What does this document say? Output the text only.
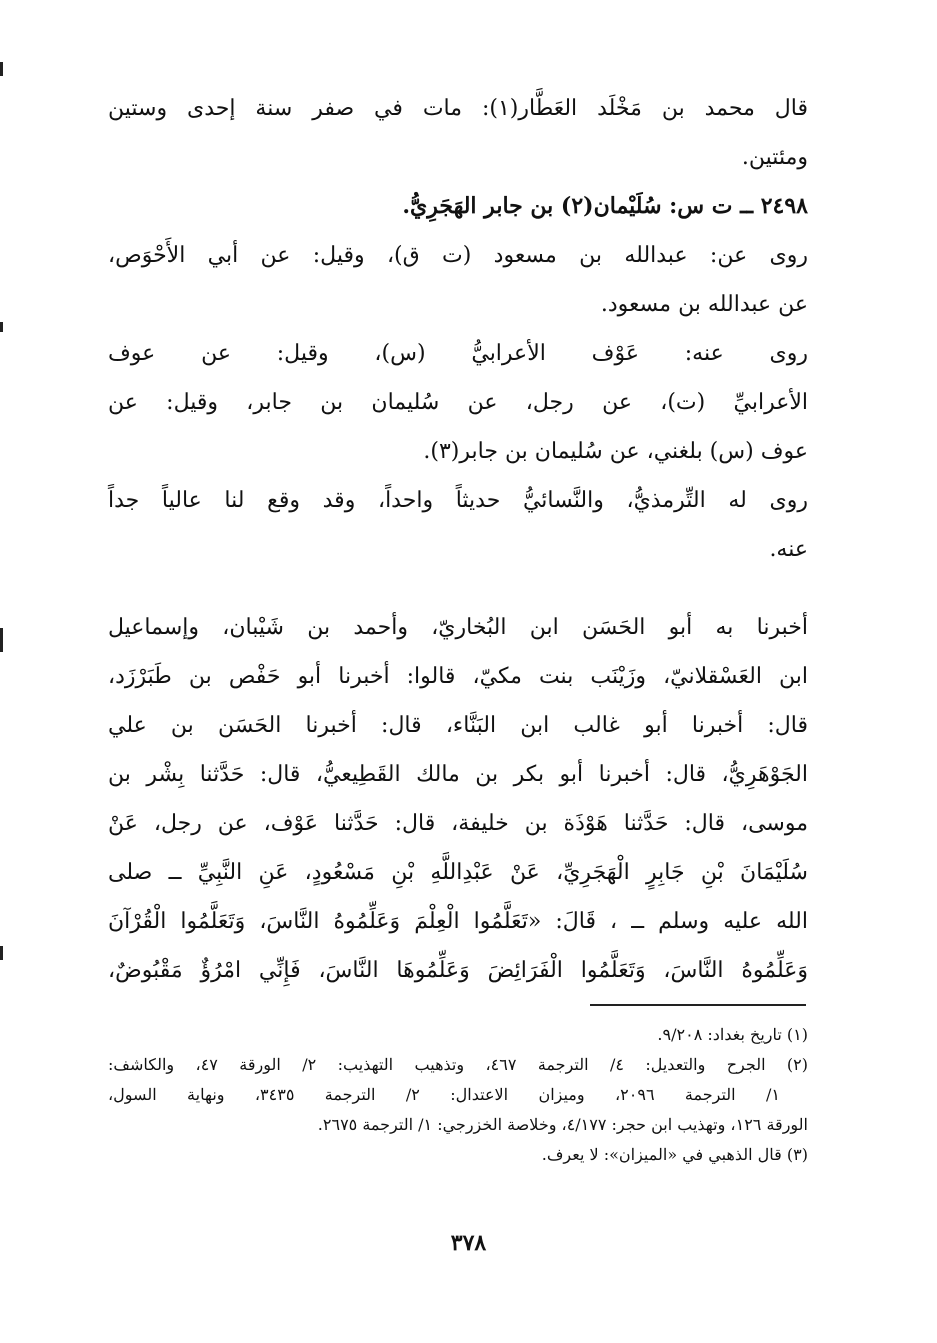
قال محمد بن مَخْلَد العَطَّار(١): مات في صفر سنة إحدى وستين
ومئتين.
٢٤٩٨ ــ ت س: سُلَيْمان(٢) بن جابر الهَجَرِيُّ.
روى عن: عبدالله بن مسعود (ت ق)، وقيل: عن أبي الأَحْوَص،
عن عبدالله بن مسعود.
روى عنه: عَوْف الأعرابيُّ (س)، وقيل: عن عوف
الأعرابيِّ (ت)، عن رجل، عن سُليمان بن جابر، وقيل: عن
عوف (س) بلغني، عن سُليمان بن جابر(٣).
روى له التِّرمذيُّ، والنَّسائيُّ حديثاً واحداً، وقد وقع لنا عالياً جداً
عنه.
أخبرنا به أبو الحَسَن ابن البُخاريّ، وأحمد بن شَيْبان، وإسماعيل
ابن العَسْقلانيّ، وزَيْنَب بنت مكيّ، قالوا: أخبرنا أبو حَفْص بن طَبَرْزَد،
قال: أخبرنا أبو غالب ابن البَنَّاء، قال: أخبرنا الحَسَن بن علي
الجَوْهَرِيُّ، قال: أخبرنا أبو بكر بن مالك القَطِيعيُّ، قال: حَدَّثنا بِشْر بن
موسى، قال: حَدَّثنا هَوْذَة بن خليفة، قال: حَدَّثنا عَوْف، عن رجل، عَنْ
سُلَيْمَانَ بْنِ جَابِرٍ الْهَجَرِيِّ، عَنْ عَبْدِاللَّهِ بْنِ مَسْعُودٍ، عَنِ النَّبِيِّ ــ صلى
الله عليه وسلم ــ ، قَالَ: «تَعَلَّمُوا الْعِلْمَ وَعَلِّمُوهُ النَّاسَ، وَتَعَلَّمُوا الْقُرْآنَ
وَعَلِّمُوهُ النَّاسَ، وَتَعَلَّمُوا الْفَرَائِضَ وَعَلِّمُوهَا النَّاسَ، فَإِنِّي امْرُؤٌ مَقْبُوضٌ،
(١) تاريخ بغداد: ٩/٢٠٨.
(٢) الجرح والتعديل: ٤/ الترجمة ٤٦٧، وتذهيب التهذيب: ٢/ الورقة ٤٧، والكاشف:
١/ الترجمة ٢٠٩٦، وميزان الاعتدال: ٢/ الترجمة ٣٤٣٥، ونهاية السول،
الورقة ١٢٦، وتهذيب ابن حجر: ٤/١٧٧، وخلاصة الخزرجي: ١/ الترجمة ٢٦٧٥.
(٣) قال الذهبي في «الميزان»: لا يعرف.
٣٧٨
